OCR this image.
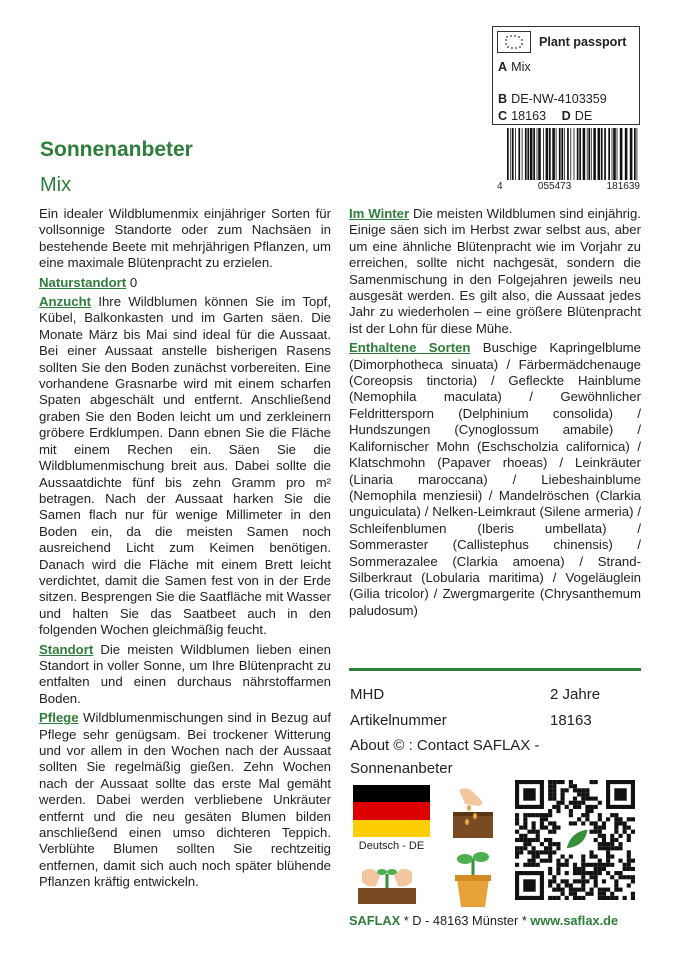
Sonnenanbeter
Mix
Plant passport
A Mix
B DE-NW-4103359
C 18163 D DE
4	055473	181639

Ein idealer Wildblumenmix einjähriger Sorten für vollsonnige Standorte oder zum Nachsäen in bestehende Beete mit mehrjährigen Pflanzen, um eine maximale Blütenpracht zu erzielen.

Naturstandort 0

Anzucht Ihre Wildblumen können Sie im Topf, Kübel, Balkonkasten und im Garten säen. Die Monate März bis Mai sind ideal für die Aussaat. Bei einer Aussaat anstelle bisherigen Rasens sollten Sie den Boden zunächst vorbereiten. Eine vorhandene Grasnarbe wird mit einem scharfen Spaten abgeschält und entfernt. Anschließend graben Sie den Boden leicht um und zerkleinern gröbere Erdklumpen. Dann ebnen Sie die Fläche mit einem Rechen ein. Säen Sie die Wildblumenmischung breit aus. Dabei sollte die Aussaatdichte fünf bis zehn Gramm pro m² betragen. Nach der Aussaat harken Sie die Samen flach nur für wenige Millimeter in den Boden ein, da die meisten Samen noch ausreichend Licht zum Keimen benötigen. Danach wird die Fläche mit einem Brett leicht verdichtet, damit die Samen fest von in der Erde sitzen. Besprengen Sie die Saatfläche mit Wasser und halten Sie das Saatbeet auch in den folgenden Wochen gleichmäßig feucht.

Standort Die meisten Wildblumen lieben einen Standort in voller Sonne, um Ihre Blütenpracht zu entfalten und einen durchaus nährstoffarmen Boden.

Pflege Wildblumenmischungen sind in Bezug auf Pflege sehr genügsam. Bei trockener Witterung und vor allem in den Wochen nach der Aussaat sollten Sie regelmäßig gießen. Zehn Wochen nach der Aussaat sollte das erste Mal gemäht werden. Dabei werden verbliebene Unkräuter entfernt und die neu gesäten Blumen bilden anschließend einen umso dichteren Teppich. Verblühte Blumen sollten Sie rechtzeitig entfernen, damit sich auch noch später blühende Pflanzen kräftig entwickeln.

Im Winter Die meisten Wildblumen sind einjährig. Einige säen sich im Herbst zwar selbst aus, aber um eine ähnliche Blütenpracht wie im Vorjahr zu erreichen, sollte nicht nachgesät, sondern die Samenmischung in den Folgejahren jeweils neu ausgesät werden. Es gilt also, die Aussaat jedes Jahr zu wiederholen – eine größere Blütenpracht ist der Lohn für diese Mühe.

Enthaltene Sorten Buschige Kapringelblume (Dimorphotheca sinuata) / Färbermädchenauge (Coreopsis tinctoria) / Gefleckte Hainblume (Nemophila maculata) / Gewöhnlicher Feldrittersporn (Delphinium consolida) / Hundszungen (Cynoglossum amabile) / Kalifornischer Mohn (Eschscholzia californica) / Klatschmohn (Papaver rhoeas) / Leinkräuter (Linaria maroccana) / Liebeshainblume (Nemophila menziesii) / Mandelröschen (Clarkia unguiculata) / Nelken-Leimkraut (Silene armeria) / Schleifenblumen (Iberis umbellata) / Sommeraster (Callistephus chinensis) / Sommerazalee (Clarkia amoena) / Strand-Silberkraut (Lobularia maritima) / Vogeläuglein (Gilia tricolor) / Zwergmargerite (Chrysanthemum paludosum)

MHD	2 Jahre
Artikelnummer	18163
About © : Contact SAFLAX -
Sonnenanbeter
Deutsch - DE
SAFLAX * D - 48163 Münster * www.saflax.de
